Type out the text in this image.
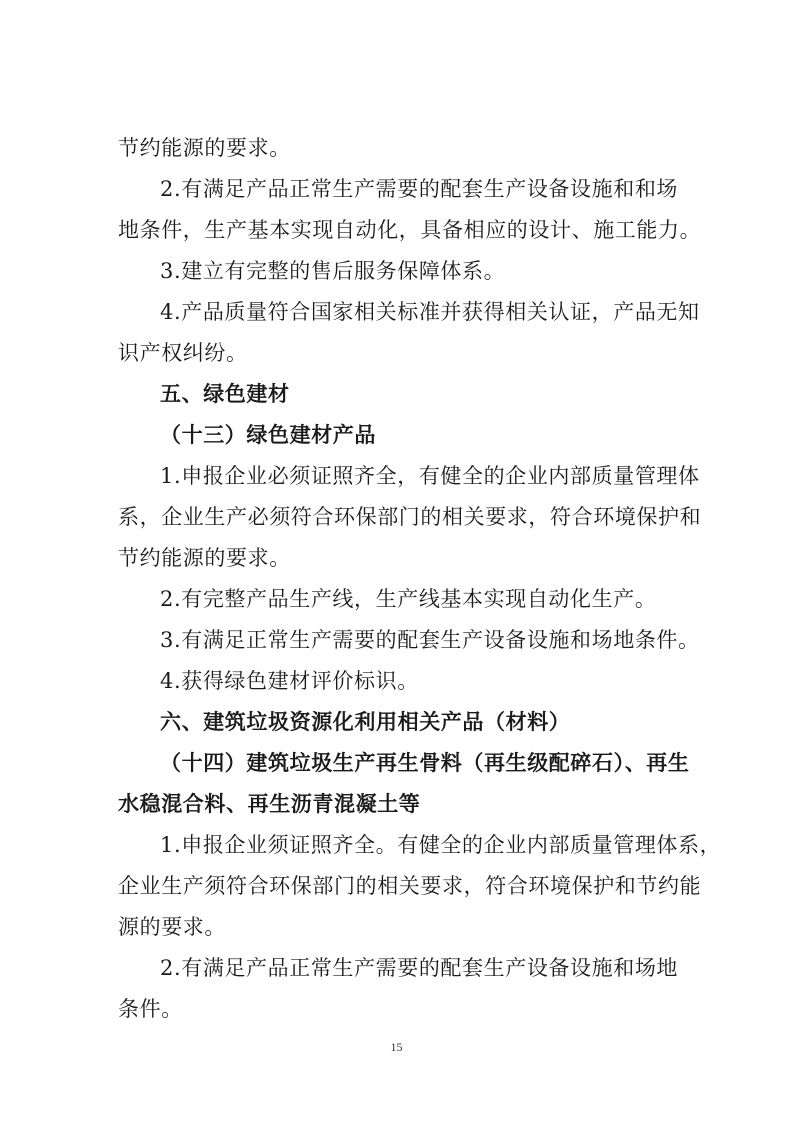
节约能源的要求。
2.有满足产品正常生产需要的配套生产设备设施和和场
地条件，生产基本实现自动化，具备相应的设计、施工能力。
3.建立有完整的售后服务保障体系。
4.产品质量符合国家相关标准并获得相关认证，产品无知
识产权纠纷。
五、绿色建材
（十三）绿色建材产品
1.申报企业必须证照齐全，有健全的企业内部质量管理体
系，企业生产必须符合环保部门的相关要求，符合环境保护和
节约能源的要求。
2.有完整产品生产线，生产线基本实现自动化生产。
3.有满足正常生产需要的配套生产设备设施和场地条件。
4.获得绿色建材评价标识。
六、建筑垃圾资源化利用相关产品（材料）
（十四）建筑垃圾生产再生骨料（再生级配碎石）、再生
水稳混合料、再生沥青混凝土等
1.申报企业须证照齐全。有健全的企业内部质量管理体系，
企业生产须符合环保部门的相关要求，符合环境保护和节约能
源的要求。
2.有满足产品正常生产需要的配套生产设备设施和场地
条件。
15
